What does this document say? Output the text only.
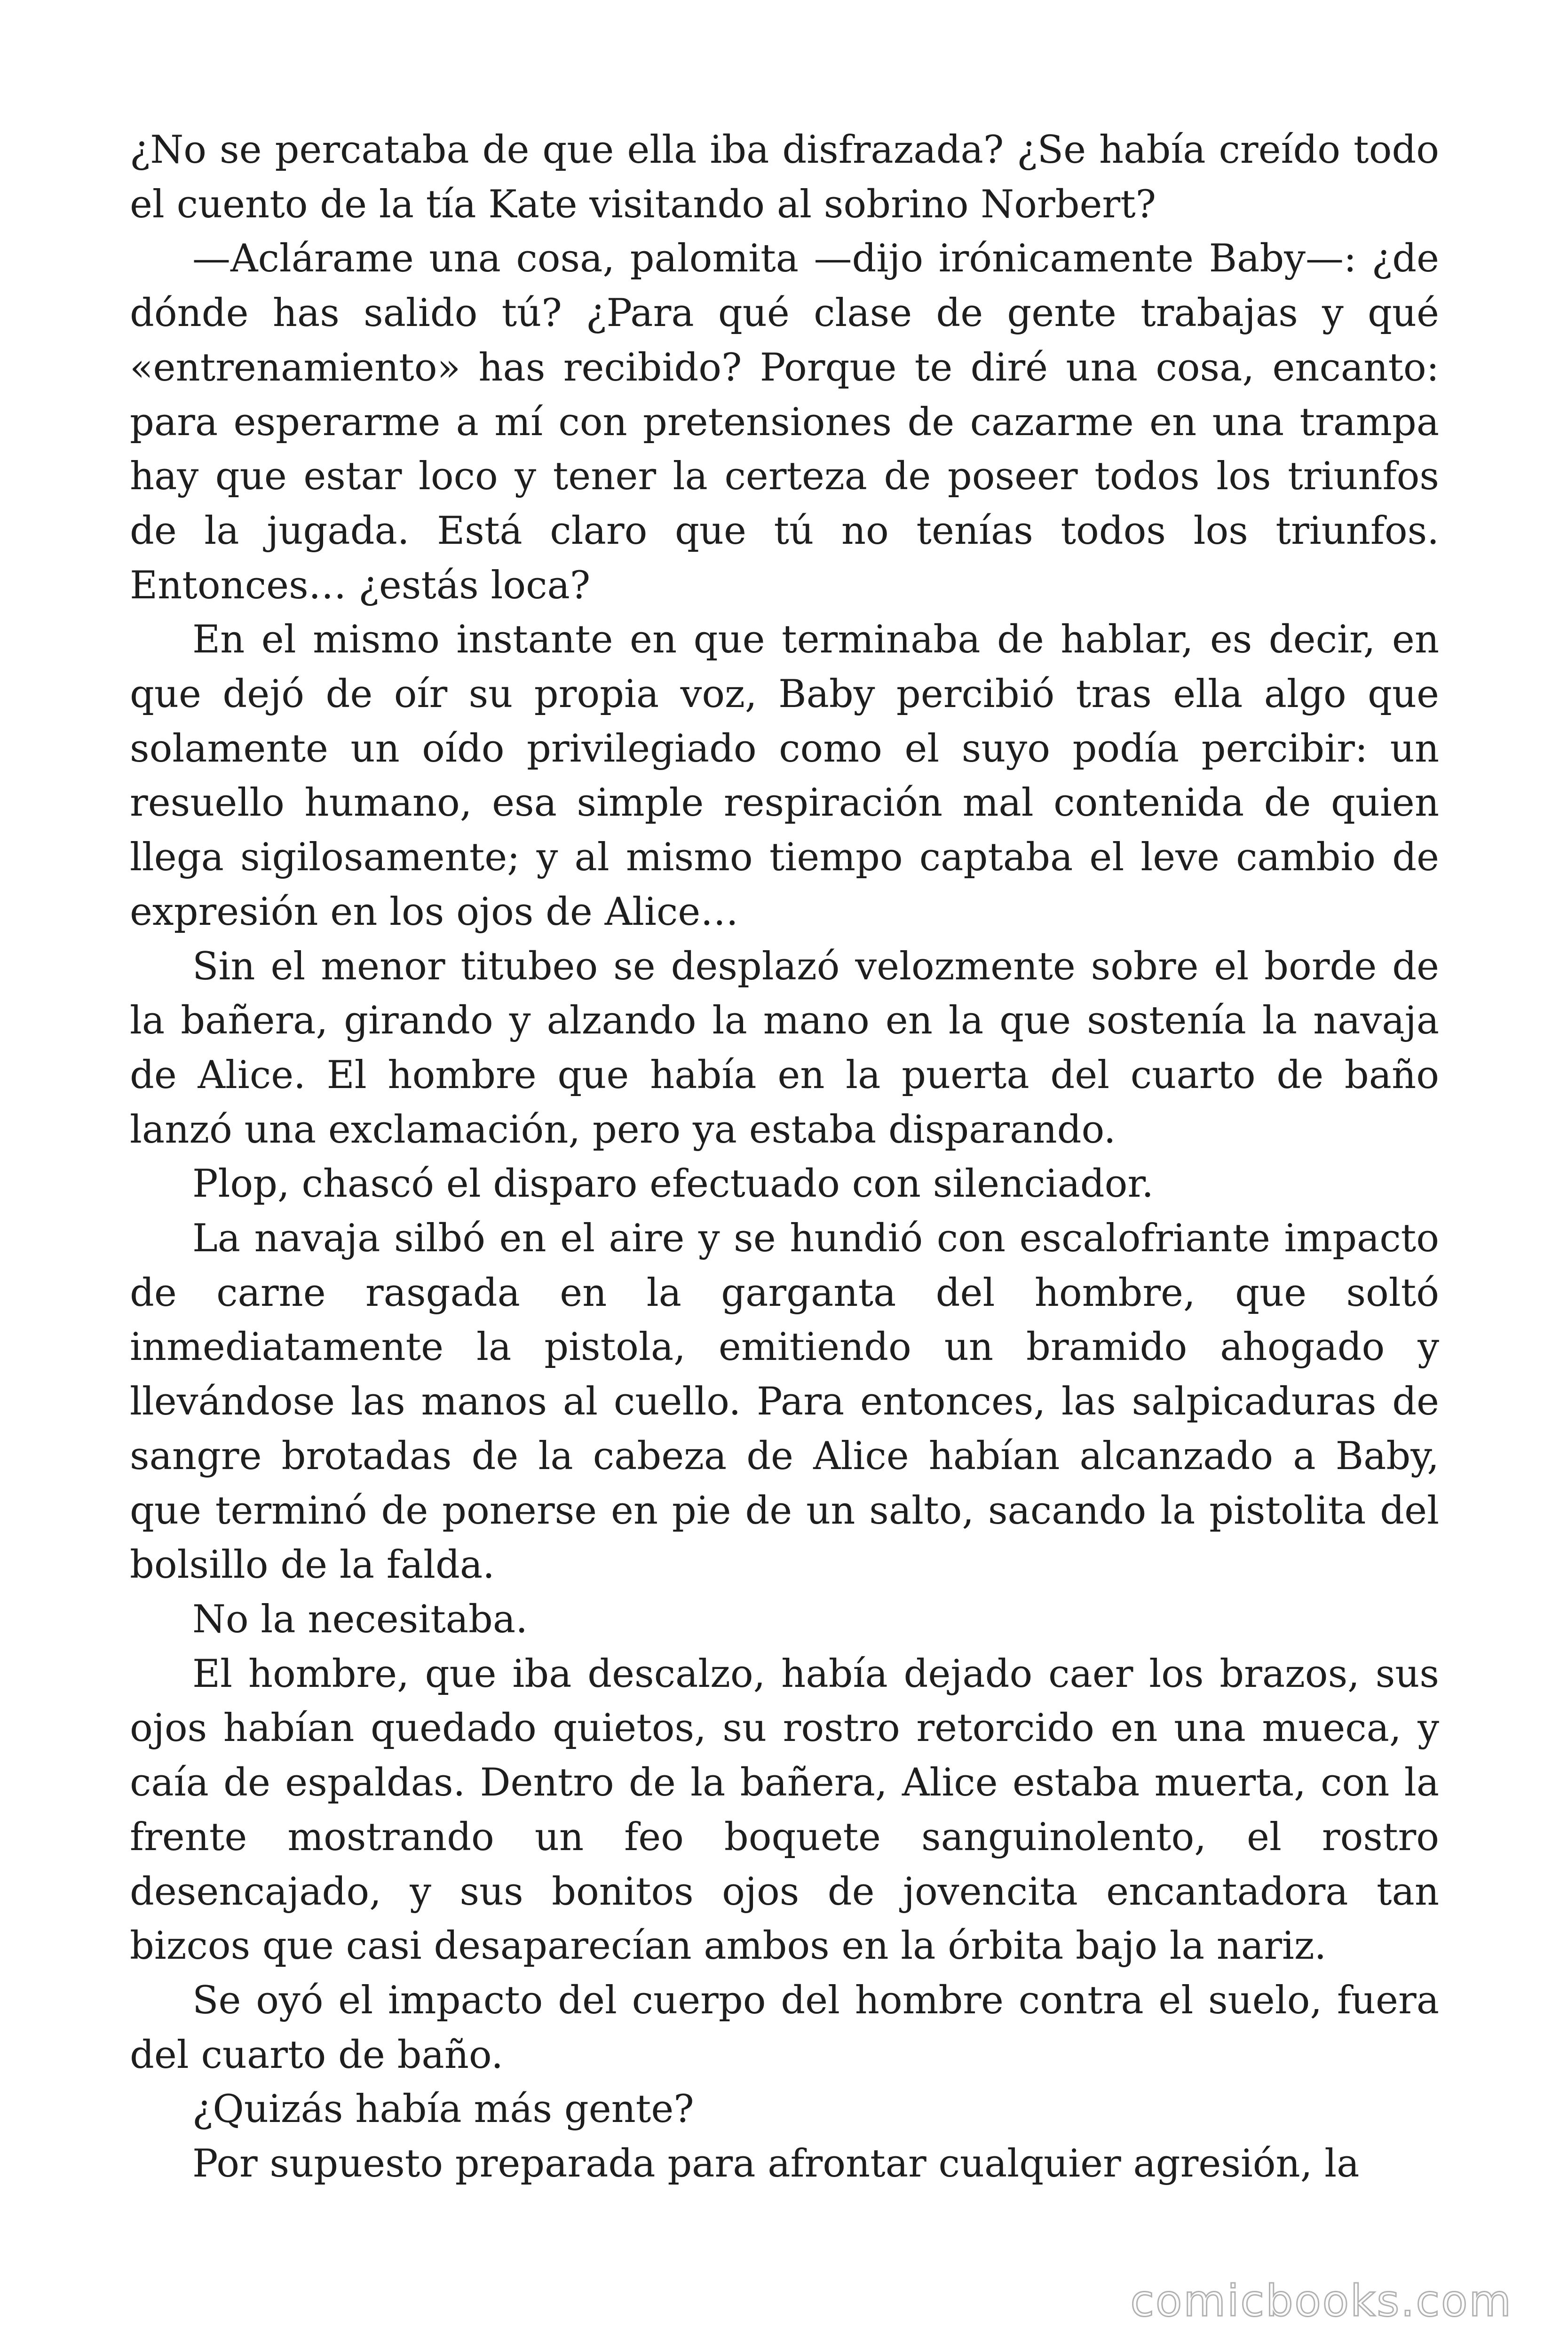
¿No se percataba de que ella iba disfrazada? ¿Se había creído todo el cuento de la tía Kate visitando al sobrino Norbert?

—Aclárame una cosa, palomita —dijo irónicamente Baby—: ¿de dónde has salido tú? ¿Para qué clase de gente trabajas y qué «entrenamiento» has recibido? Porque te diré una cosa, encanto: para esperarme a mí con pretensiones de cazarme en una trampa hay que estar loco y tener la certeza de poseer todos los triunfos de la jugada. Está claro que tú no tenías todos los triunfos. Entonces… ¿estás loca?

En el mismo instante en que terminaba de hablar, es decir, en que dejó de oír su propia voz, Baby percibió tras ella algo que solamente un oído privilegiado como el suyo podía percibir: un resuello humano, esa simple respiración mal contenida de quien llega sigilosamente; y al mismo tiempo captaba el leve cambio de expresión en los ojos de Alice…

Sin el menor titubeo se desplazó velozmente sobre el borde de la bañera, girando y alzando la mano en la que sostenía la navaja de Alice. El hombre que había en la puerta del cuarto de baño lanzó una exclamación, pero ya estaba disparando.

Plop, chascó el disparo efectuado con silenciador.

La navaja silbó en el aire y se hundió con escalofriante impacto de carne rasgada en la garganta del hombre, que soltó inmediatamente la pistola, emitiendo un bramido ahogado y llevándose las manos al cuello. Para entonces, las salpicaduras de sangre brotadas de la cabeza de Alice habían alcanzado a Baby, que terminó de ponerse en pie de un salto, sacando la pistolita del bolsillo de la falda.

No la necesitaba.

El hombre, que iba descalzo, había dejado caer los brazos, sus ojos habían quedado quietos, su rostro retorcido en una mueca, y caía de espaldas. Dentro de la bañera, Alice estaba muerta, con la frente mostrando un feo boquete sanguinolento, el rostro desencajado, y sus bonitos ojos de jovencita encantadora tan bizcos que casi desaparecían ambos en la órbita bajo la nariz.

Se oyó el impacto del cuerpo del hombre contra el suelo, fuera del cuarto de baño.

¿Quizás había más gente?

Por supuesto preparada para afrontar cualquier agresión, la

comicbooks.com
